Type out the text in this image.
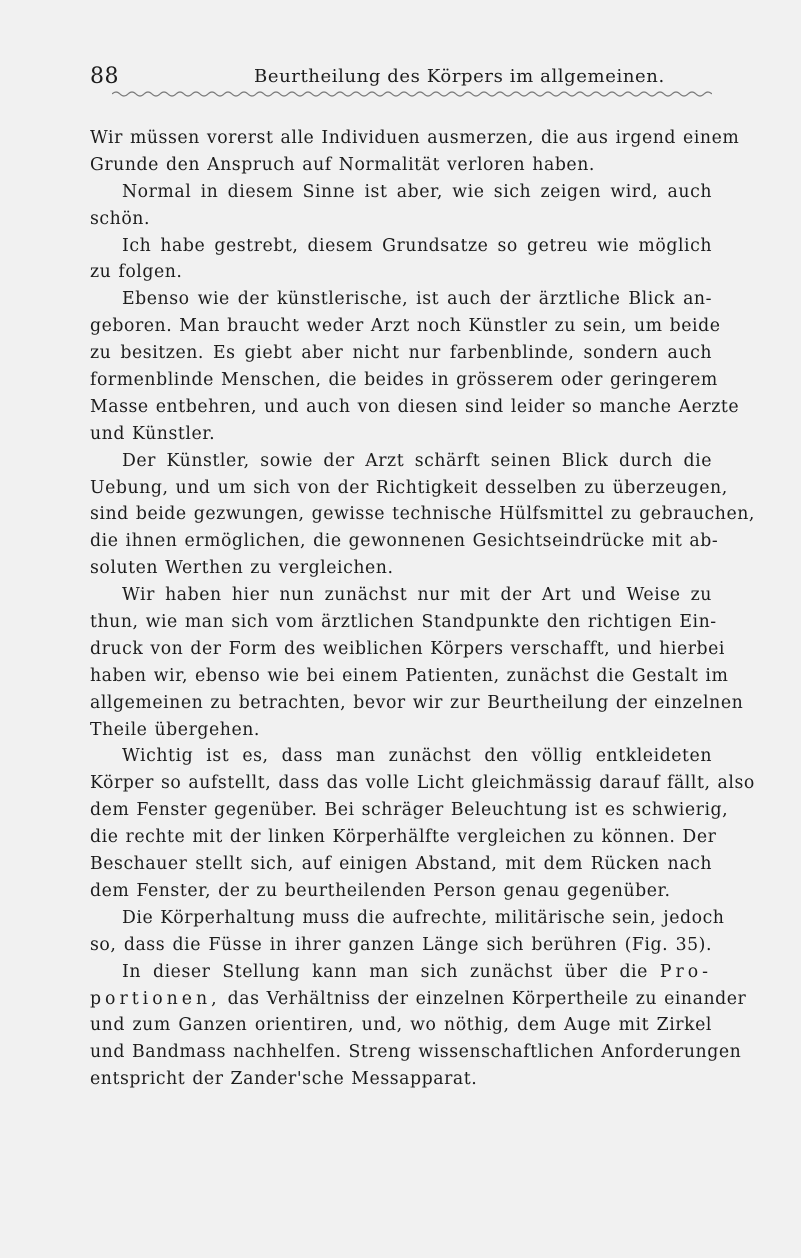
88	Beurtheilung des Körpers im allgemeinen.
Wir müssen vorerst alle Individuen ausmerzen, die aus irgend einem
Grunde den Anspruch auf Normalität verloren haben.
Normal in diesem Sinne ist aber, wie sich zeigen wird, auch
schön.
Ich habe gestrebt, diesem Grundsatze so getreu wie möglich
zu folgen.
Ebenso wie der künstlerische, ist auch der ärztliche Blick an-
geboren. Man braucht weder Arzt noch Künstler zu sein, um beide
zu besitzen. Es giebt aber nicht nur farbenblinde, sondern auch
formenblinde Menschen, die beides in grösserem oder geringerem
Masse entbehren, und auch von diesen sind leider so manche Aerzte
und Künstler.
Der Künstler, sowie der Arzt schärft seinen Blick durch die
Uebung, und um sich von der Richtigkeit desselben zu überzeugen,
sind beide gezwungen, gewisse technische Hülfsmittel zu gebrauchen,
die ihnen ermöglichen, die gewonnenen Gesichtseindrücke mit ab-
soluten Werthen zu vergleichen.
Wir haben hier nun zunächst nur mit der Art und Weise zu
thun, wie man sich vom ärztlichen Standpunkte den richtigen Ein-
druck von der Form des weiblichen Körpers verschafft, und hierbei
haben wir, ebenso wie bei einem Patienten, zunächst die Gestalt im
allgemeinen zu betrachten, bevor wir zur Beurtheilung der einzelnen
Theile übergehen.
Wichtig ist es, dass man zunächst den völlig entkleideten
Körper so aufstellt, dass das volle Licht gleichmässig darauf fällt, also
dem Fenster gegenüber. Bei schräger Beleuchtung ist es schwierig,
die rechte mit der linken Körperhälfte vergleichen zu können. Der
Beschauer stellt sich, auf einigen Abstand, mit dem Rücken nach
dem Fenster, der zu beurtheilenden Person genau gegenüber.
Die Körperhaltung muss die aufrechte, militärische sein, jedoch
so, dass die Füsse in ihrer ganzen Länge sich berühren (Fig. 35).
In dieser Stellung kann man sich zunächst über die Pro-
portionen, das Verhältniss der einzelnen Körpertheile zu einander
und zum Ganzen orientiren, und, wo nöthig, dem Auge mit Zirkel
und Bandmass nachhelfen. Streng wissenschaftlichen Anforderungen
entspricht der Zander'sche Messapparat.
